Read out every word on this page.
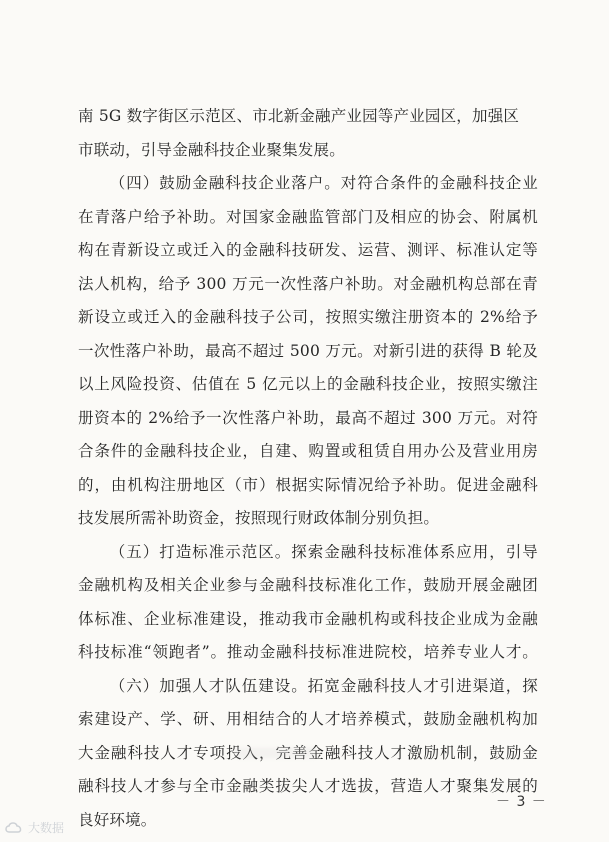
南 5G 数字街区示范区、市北新金融产业园等产业园区，加强区
市联动，引导金融科技企业聚集发展。
（四）鼓励金融科技企业落户。对符合条件的金融科技企业
在青落户给予补助。对国家金融监管部门及相应的协会、附属机
构在青新设立或迁入的金融科技研发、运营、测评、标准认定等
法人机构，给予 300 万元一次性落户补助。对金融机构总部在青
新设立或迁入的金融科技子公司，按照实缴注册资本的 2%给予
一次性落户补助，最高不超过 500 万元。对新引进的获得 B 轮及
以上风险投资、估值在 5 亿元以上的金融科技企业，按照实缴注
册资本的 2%给予一次性落户补助，最高不超过 300 万元。对符
合条件的金融科技企业，自建、购置或租赁自用办公及营业用房
的，由机构注册地区（市）根据实际情况给予补助。促进金融科
技发展所需补助资金，按照现行财政体制分别负担。
（五）打造标准示范区。探索金融科技标准体系应用，引导
金融机构及相关企业参与金融科技标准化工作，鼓励开展金融团
体标准、企业标准建设，推动我市金融机构或科技企业成为金融
科技标准“领跑者”。推动金融科技标准进院校，培养专业人才。
（六）加强人才队伍建设。拓宽金融科技人才引进渠道，探
索建设产、学、研、用相结合的人才培养模式，鼓励金融机构加
大金融科技人才专项投入，完善金融科技人才激励机制，鼓励金
融科技人才参与全市金融类拔尖人才选拔，营造人才聚集发展的
良好环境。
－ 3 －
大数据
